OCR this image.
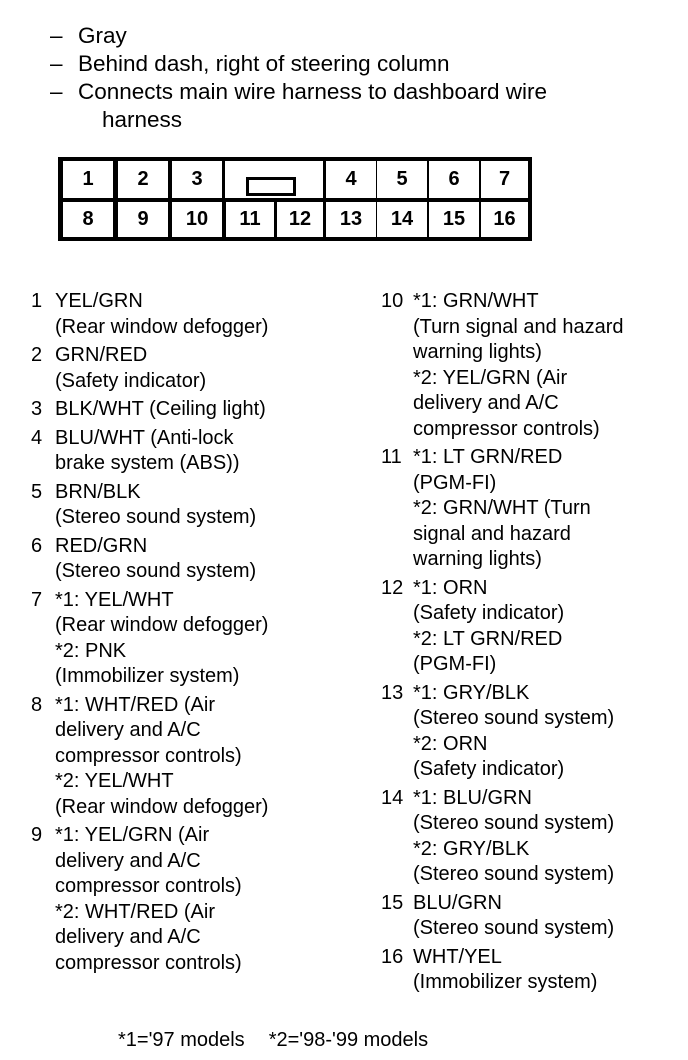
– Gray
– Behind dash, right of steering column
– Connects main wire harness to dashboard wire
harness
1	2	3	4	5	6	7
8	9	10	11	12	13	14	15	16
1 YEL/GRN
(Rear window defogger)
2 GRN/RED
(Safety indicator)
3 BLK/WHT (Ceiling light)
4 BLU/WHT (Anti-lock
brake system (ABS))
5 BRN/BLK
(Stereo sound system)
6 RED/GRN
(Stereo sound system)
7 *1: YEL/WHT
(Rear window defogger)
*2: PNK
(Immobilizer system)
8 *1: WHT/RED (Air
delivery and A/C
compressor controls)
*2: YEL/WHT
(Rear window defogger)
9 *1: YEL/GRN (Air
delivery and A/C
compressor controls)
*2: WHT/RED (Air
delivery and A/C
compressor controls)
10 *1: GRN/WHT
(Turn signal and hazard
warning lights)
*2: YEL/GRN (Air
delivery and A/C
compressor controls)
11 *1: LT GRN/RED
(PGM-FI)
*2: GRN/WHT (Turn
signal and hazard
warning lights)
12 *1: ORN
(Safety indicator)
*2: LT GRN/RED
(PGM-FI)
13 *1: GRY/BLK
(Stereo sound system)
*2: ORN
(Safety indicator)
14 *1: BLU/GRN
(Stereo sound system)
*2: GRY/BLK
(Stereo sound system)
15 BLU/GRN
(Stereo sound system)
16 WHT/YEL
(Immobilizer system)
*1='97 models *2='98-'99 models
